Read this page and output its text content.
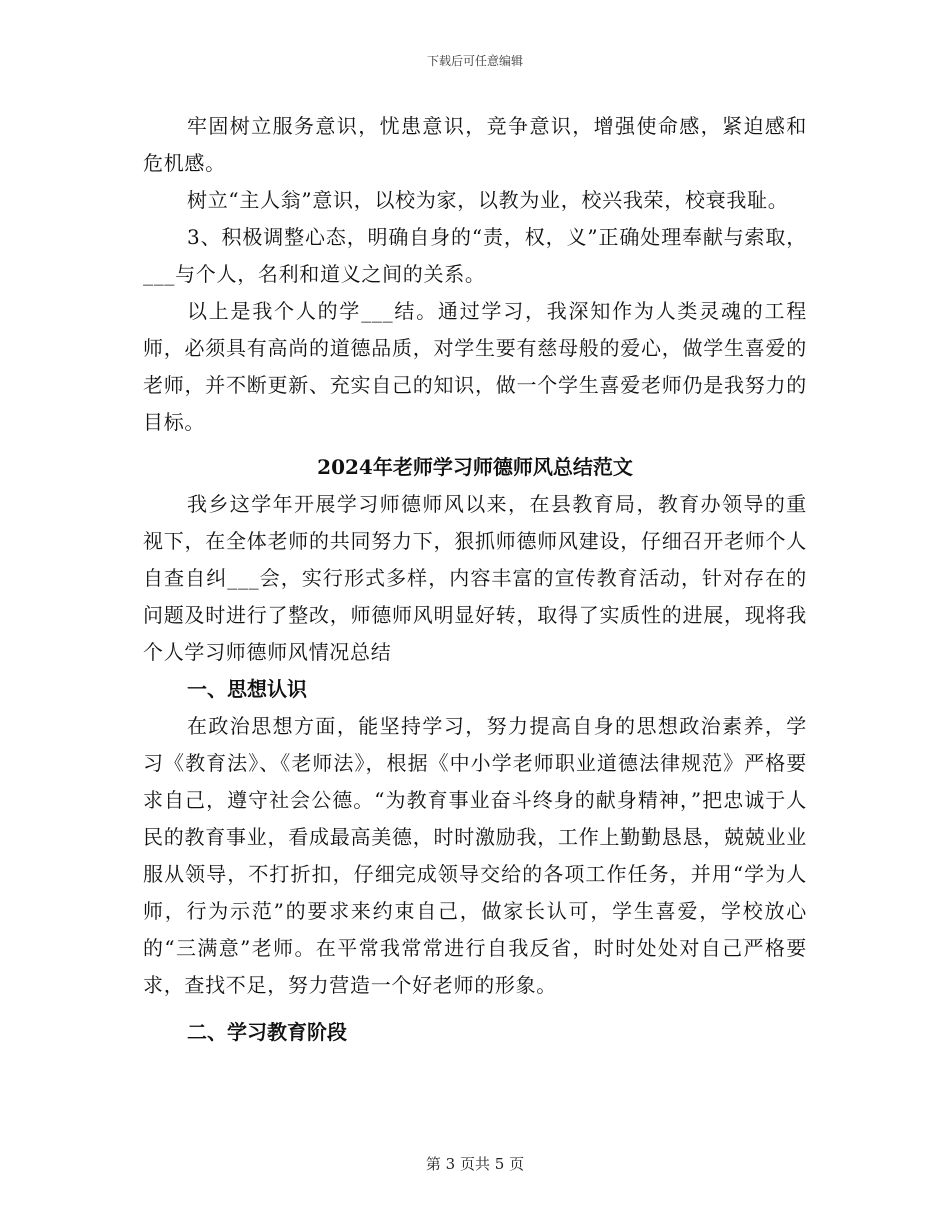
下载后可任意编辑

牢固树立服务意识，忧患意识，竞争意识，增强使命感，紧迫感和危机感。

树立“主人翁”意识，以校为家，以教为业，校兴我荣，校衰我耻。

3、积极调整心态，明确自身的“责，权，义”正确处理奉献与索取，___与个人，名利和道义之间的关系。

以上是我个人的学___结。通过学习，我深知作为人类灵魂的工程师，必须具有高尚的道德品质，对学生要有慈母般的爱心，做学生喜爱的老师，并不断更新、充实自己的知识，做一个学生喜爱老师仍是我努力的目标。

2024年老师学习师德师风总结范文

我乡这学年开展学习师德师风以来，在县教育局，教育办领导的重视下，在全体老师的共同努力下，狠抓师德师风建设，仔细召开老师个人自查自纠___会，实行形式多样，内容丰富的宣传教育活动，针对存在的问题及时进行了整改，师德师风明显好转，取得了实质性的进展，现将我个人学习师德师风情况总结

一、思想认识

在政治思想方面，能坚持学习，努力提高自身的思想政治素养，学习《教育法》、《老师法》，根据《中小学老师职业道德法律规范》严格要求自己，遵守社会公德。“为教育事业奋斗终身的献身精神，”把忠诚于人民的教育事业，看成最高美德，时时激励我，工作上勤勤恳恳，兢兢业业服从领导，不打折扣，仔细完成领导交给的各项工作任务，并用“学为人师，行为示范”的要求来约束自己，做家长认可，学生喜爱，学校放心的“三满意”老师。在平常我常常进行自我反省，时时处处对自己严格要求，查找不足，努力营造一个好老师的形象。

二、学习教育阶段
第 3 页共 5 页
